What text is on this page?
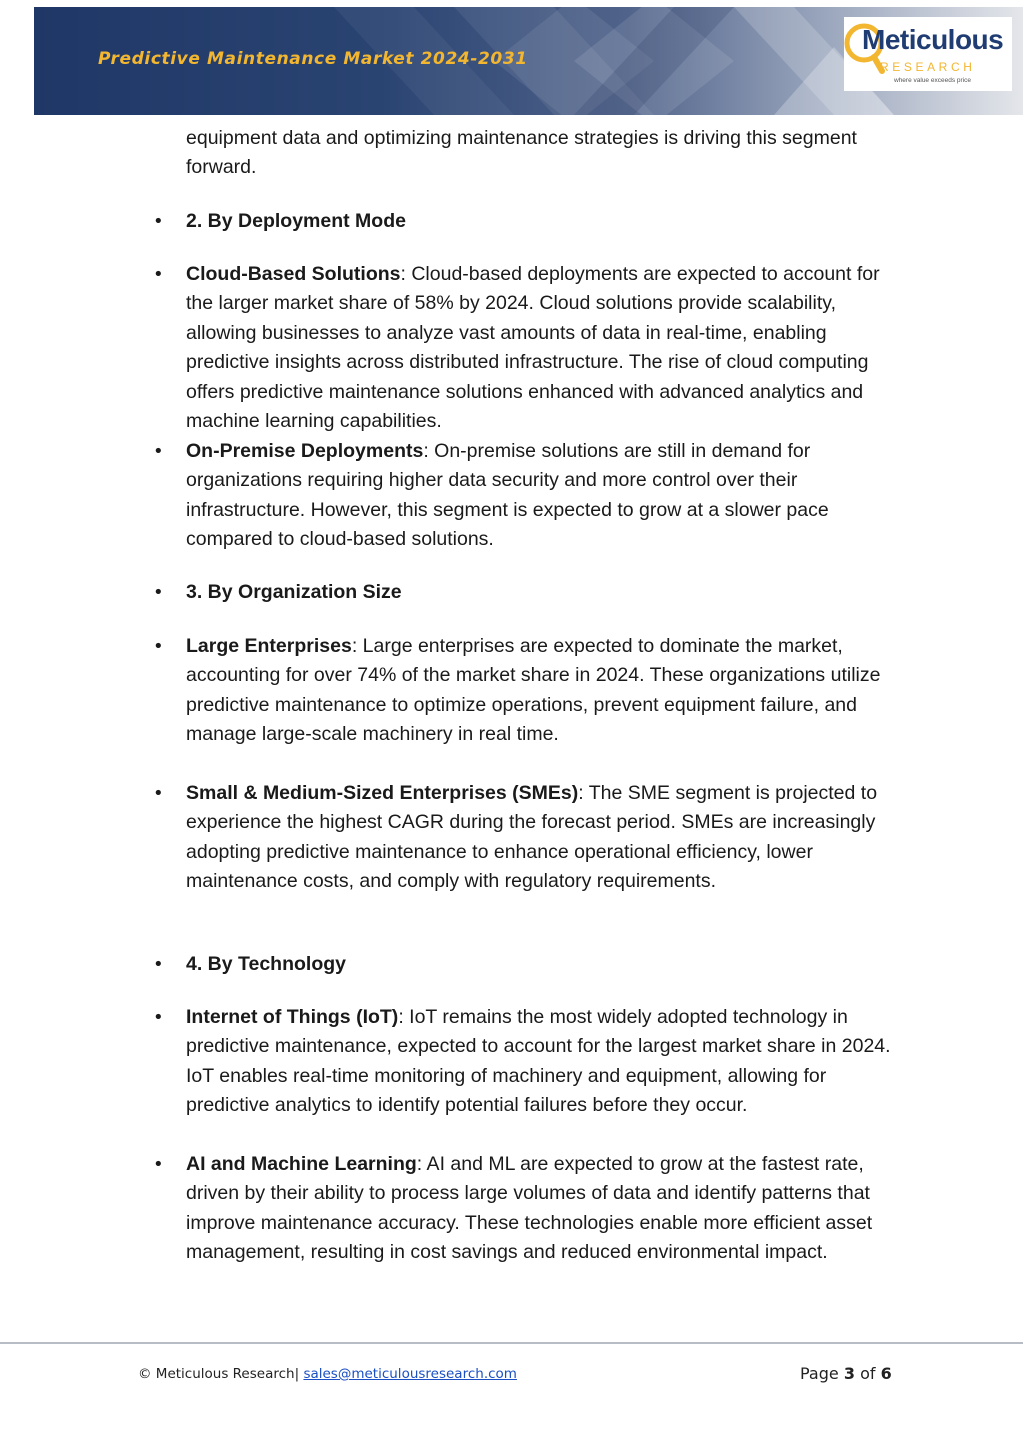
Predictive Maintenance Market 2024-2031
Meticulous
RESEARCH
where value exceeds price

equipment data and optimizing maintenance strategies is driving this segment forward.

• 2. By Deployment Mode

• Cloud-Based Solutions: Cloud-based deployments are expected to account for the larger market share of 58% by 2024. Cloud solutions provide scalability, allowing businesses to analyze vast amounts of data in real-time, enabling predictive insights across distributed infrastructure. The rise of cloud computing offers predictive maintenance solutions enhanced with advanced analytics and machine learning capabilities.

• On-Premise Deployments: On-premise solutions are still in demand for organizations requiring higher data security and more control over their infrastructure. However, this segment is expected to grow at a slower pace compared to cloud-based solutions.

• 3. By Organization Size

• Large Enterprises: Large enterprises are expected to dominate the market, accounting for over 74% of the market share in 2024. These organizations utilize predictive maintenance to optimize operations, prevent equipment failure, and manage large-scale machinery in real time.

• Small & Medium-Sized Enterprises (SMEs): The SME segment is projected to experience the highest CAGR during the forecast period. SMEs are increasingly adopting predictive maintenance to enhance operational efficiency, lower maintenance costs, and comply with regulatory requirements.

• 4. By Technology

• Internet of Things (IoT): IoT remains the most widely adopted technology in predictive maintenance, expected to account for the largest market share in 2024. IoT enables real-time monitoring of machinery and equipment, allowing for predictive analytics to identify potential failures before they occur.

• AI and Machine Learning: AI and ML are expected to grow at the fastest rate, driven by their ability to process large volumes of data and identify patterns that improve maintenance accuracy. These technologies enable more efficient asset management, resulting in cost savings and reduced environmental impact.

© Meticulous Research| sales@meticulousresearch.com	Page 3 of 6
